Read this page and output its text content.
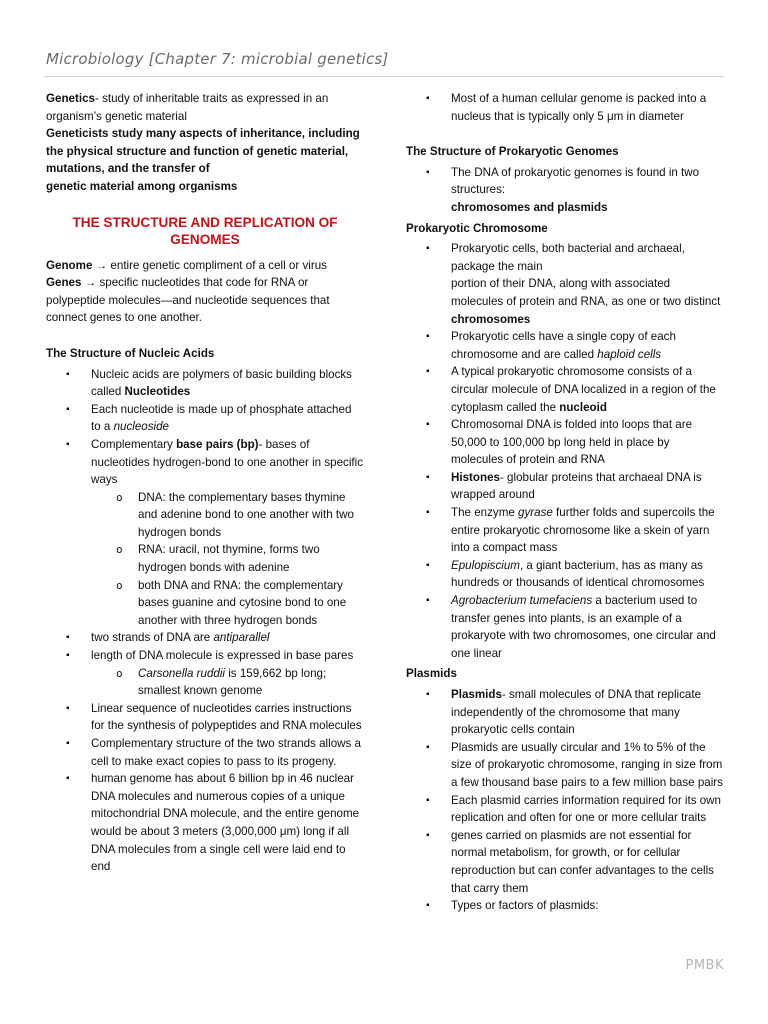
Microbiology [Chapter 7: microbial genetics]

Genetics- study of inheritable traits as expressed in an organism’s genetic material

Geneticists study many aspects of inheritance, including the physical structure and function of genetic material, mutations, and the transfer of

genetic material among organisms

THE STRUCTURE AND REPLICATION OF GENOMES

Genome → entire genetic compliment of a cell or virus

Genes → specific nucleotides that code for RNA or polypeptide molecules—and nucleotide sequences that connect genes to one another.

The Structure of Nucleic Acids

▪ Nucleic acids are polymers of basic building blocks called Nucleotides
▪ Each nucleotide is made up of phosphate attached to a nucleoside
▪ Complementary base pairs (bp)- bases of nucleotides hydrogen-bond to one another in specific ways
o DNA: the complementary bases thymine and adenine bond to one another with two hydrogen bonds
o RNA: uracil, not thymine, forms two hydrogen bonds with adenine
o both DNA and RNA: the complementary bases guanine and cytosine bond to one another with three hydrogen bonds
▪ two strands of DNA are antiparallel
▪ length of DNA molecule is expressed in base pares
o Carsonella ruddii is 159,662 bp long; smallest known genome
▪ Linear sequence of nucleotides carries instructions for the synthesis of polypeptides and RNA molecules
▪ Complementary structure of the two strands allows a cell to make exact copies to pass to its progeny.
▪ human genome has about 6 billion bp in 46 nuclear DNA molecules and numerous copies of a unique mitochondrial DNA molecule, and the entire genome would be about 3 meters (3,000,000 μm) long if all DNA molecules from a single cell were laid end to end
▪ Most of a human cellular genome is packed into a nucleus that is typically only 5 μm in diameter

The Structure of Prokaryotic Genomes

▪ The DNA of prokaryotic genomes is found in two structures:
chromosomes and plasmids

Prokaryotic Chromosome

▪ Prokaryotic cells, both bacterial and archaeal, package the main
portion of their DNA, along with associated molecules of protein and RNA, as one or two distinct chromosomes
▪ Prokaryotic cells have a single copy of each chromosome and are called haploid cells
▪ A typical prokaryotic chromosome consists of a circular molecule of DNA localized in a region of the cytoplasm called the nucleoid
▪ Chromosomal DNA is folded into loops that are 50,000 to 100,000 bp long held in place by molecules of protein and RNA
▪ Histones- globular proteins that archaeal DNA is wrapped around
▪ The enzyme gyrase further folds and supercoils the entire prokaryotic chromosome like a skein of yarn into a compact mass
▪ Epulopiscium, a giant bacterium, has as many as hundreds or thousands of identical chromosomes
▪ Agrobacterium tumefaciens a bacterium used to transfer genes into plants, is an example of a prokaryote with two chromosomes, one circular and one linear

Plasmids

▪ Plasmids- small molecules of DNA that replicate independently of the chromosome that many prokaryotic cells contain
▪ Plasmids are usually circular and 1% to 5% of the size of prokaryotic chromosome, ranging in size from a few thousand base pairs to a few million base pairs
▪ Each plasmid carries information required for its own replication and often for one or more cellular traits
▪ genes carried on plasmids are not essential for normal metabolism, for growth, or for cellular reproduction but can confer advantages to the cells that carry them
▪ Types or factors of plasmids:
PMBK
